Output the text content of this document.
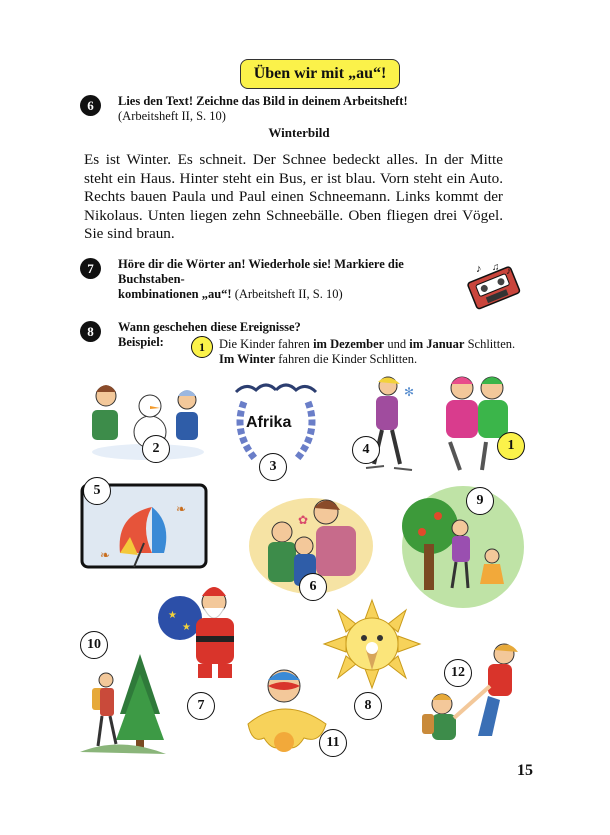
Üben wir mit „au“!
6 Lies den Text! Zeichne das Bild in deinem Arbeitsheft!
(Arbeitsheft II, S. 10)
Winterbild
Es ist Winter. Es schneit. Der Schnee bedeckt alles. In der Mitte steht ein Haus. Hinter steht ein Bus, er ist blau. Vorn steht ein Auto. Rechts bauen Paula und Paul einen Schneemann. Links kommt der Nikolaus. Unten liegen zehn Schneebälle. Oben fliegen drei Vögel. Sie sind braun.
7 Höre dir die Wörter an! Wiederhole sie! Markiere die Buchstaben-
kombinationen „au“! (Arbeitsheft II, S. 10)
♪ ♫ ♪
8 Wann geschehen diese Ereignisse?
Beispiel:	1 Die Kinder fahren im Dezember und im Januar Schlitten.
Im Winter fahren die Kinder Schlitten.
Afrika
✻
❧
❧
✿
★
★
2
3
4	1
5
9
6
10
12
7	8
11
15
